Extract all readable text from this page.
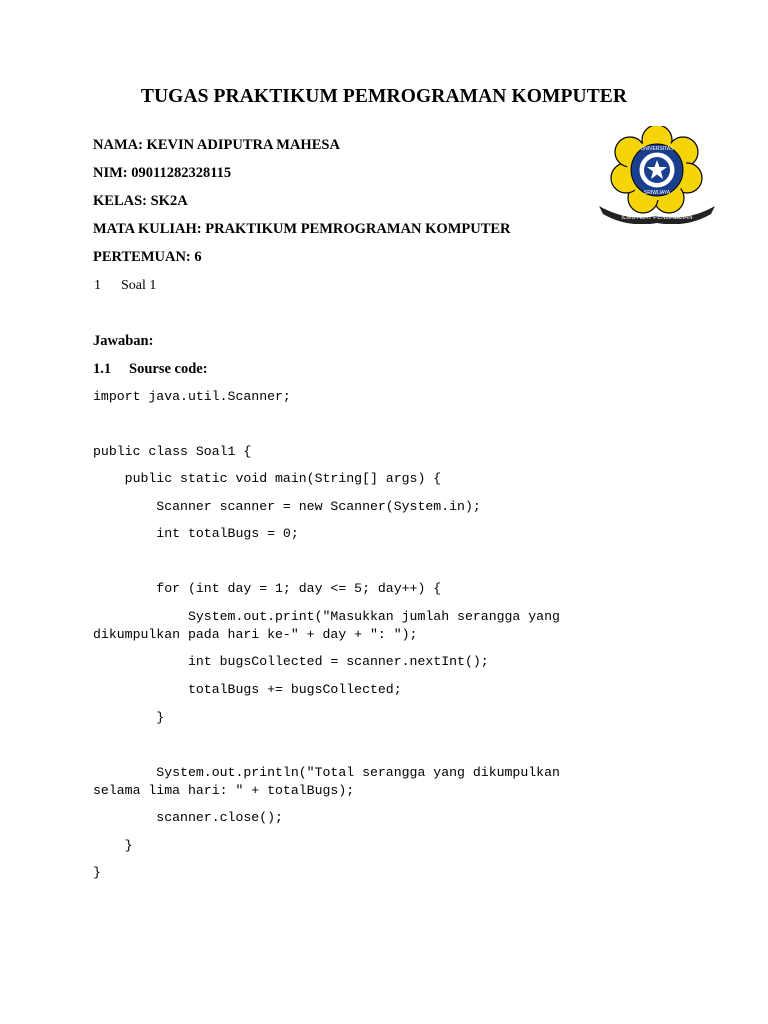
TUGAS PRAKTIKUM PEMROGRAMAN KOMPUTER
NAMA: KEVIN ADIPUTRA MAHESA
NIM: 09011282328115
KELAS: SK2A
MATA KULIAH: PRAKTIKUM PEMROGRAMAN KOMPUTER
PERTEMUAN: 6
UNIVERSITAS
SRIWIJAYA
ILMU ALAT PENGABDIAN
1 Soal 1
Jawaban:
1.1 Sourse code:
import java.util.Scanner;
public class Soal1 {
public static void main(String[] args) {
Scanner scanner = new Scanner(System.in);
int totalBugs = 0;
for (int day = 1; day <= 5; day++) {
System.out.print("Masukkan jumlah serangga yang
dikumpulkan pada hari ke-" + day + ": ");
int bugsCollected = scanner.nextInt();
totalBugs += bugsCollected;
}
System.out.println("Total serangga yang dikumpulkan
selama lima hari: " + totalBugs);
scanner.close();
}
}
